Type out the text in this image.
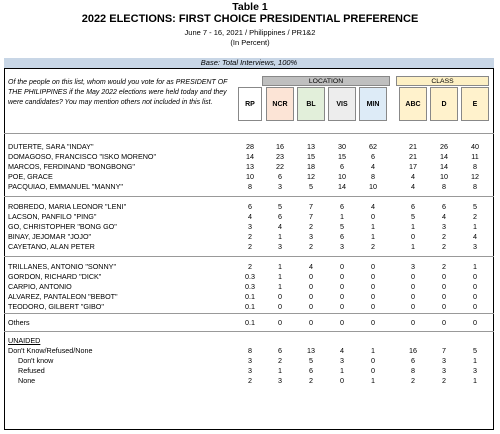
Table 1
2022 ELECTIONS: FIRST CHOICE PRESIDENTIAL PREFERENCE
June 7 - 16, 2021 / Philippines / PR1&2
(In Percent)
Base: Total Interviews, 100%
Of the people on this list, whom would you vote for as PRESIDENT OF THE PHILIPPINES if the May 2022 elections were held today and they were candidates? You may mention others not included in this list.
LOCATION	CLASS
RP	NCR	BL	VIS	MIN	ABC	D	E
DUTERTE, SARA "INDAY"	28	16	13	30	62	21	26	40
DOMAGOSO, FRANCISCO "ISKO MORENO"	14	23	15	15	6	21	14	11
MARCOS, FERDINAND "BONGBONG"	13	22	18	6	4	17	14	8
POE, GRACE	10	6	12	10	8	4	10	12
PACQUIAO, EMMANUEL "MANNY"	8	3	5	14	10	4	8	8
ROBREDO, MARIA LEONOR "LENI"	6	5	7	6	4	6	6	5
LACSON, PANFILO "PING"	4	6	7	1	0	5	4	2
GO, CHRISTOPHER "BONG GO"	3	4	2	5	1	1	3	1
BINAY, JEJOMAR "JOJO"	2	1	3	6	1	0	2	4
CAYETANO, ALAN PETER	2	3	2	3	2	1	2	3
TRILLANES, ANTONIO "SONNY"	2	1	4	0	0	3	2	1
GORDON, RICHARD "DICK"	0.3	1	0	0	0	0	0	0
CARPIO, ANTONIO	0.3	1	0	0	0	0	0	0
ALVAREZ, PANTALEON "BEBOT"	0.1	0	0	0	0	0	0	0
TEODORO, GILBERT "GIBO"	0.1	0	0	0	0	0	0	0
Others	0.1	0	0	0	0	0	0	0
UNAIDED
Don't Know/Refused/None	8	6	13	4	1	16	7	5
Don't know	3	2	5	3	0	6	3	1
Refused	3	1	6	1	0	8	3	3
None	2	3	2	0	1	2	2	1
